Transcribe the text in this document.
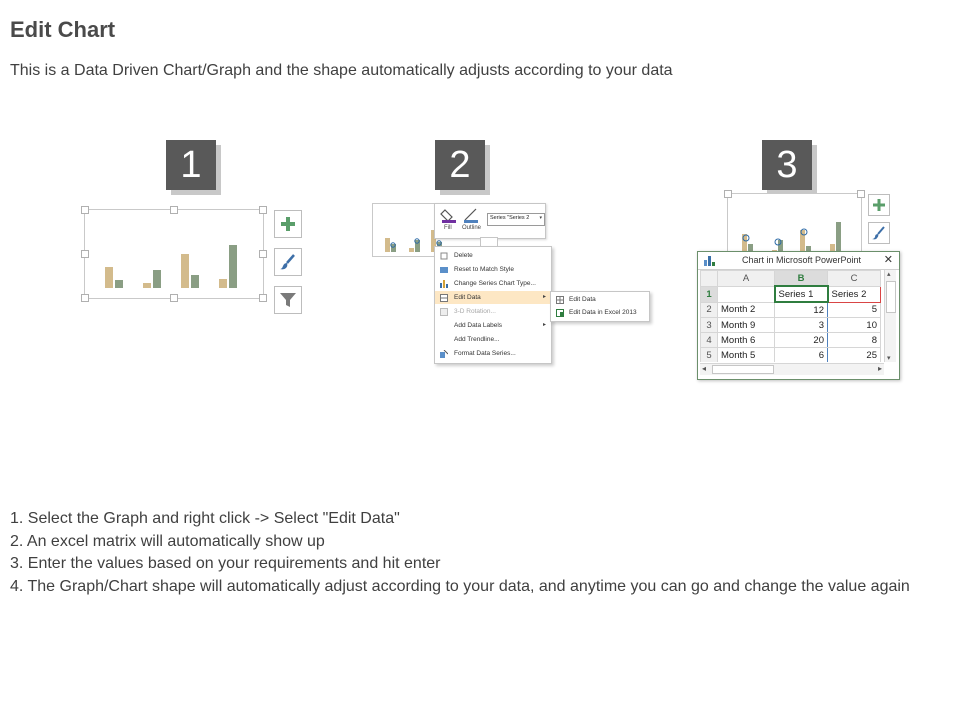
Edit Chart
This is a Data Driven Chart/Graph and the shape automatically adjusts according to your data
1	2	3
Fill Outline
Series "Series 2 ▾
Delete
Reset to Match Style
Change Series Chart Type...
Edit Data	▸
3-D Rotation...
Add Data Labels	▸
Add Trendline...
Format Data Series...
Edit Data
Edit Data in Excel 2013
Chart in Microsoft PowerPoint ✕
	A	B	C
1		Series 1	Series 2
2	Month 2	12	5
3	Month 9	3	10
4	Month 6	20	8
5	Month 5	6	25
▴
▾
◂	▸
1. Select the Graph and right click -> Select "Edit Data"
2. An excel matrix will automatically show up
3. Enter the values based on your requirements and hit enter
4. The Graph/Chart shape will automatically adjust according to your data, and anytime you can go and change the value again
